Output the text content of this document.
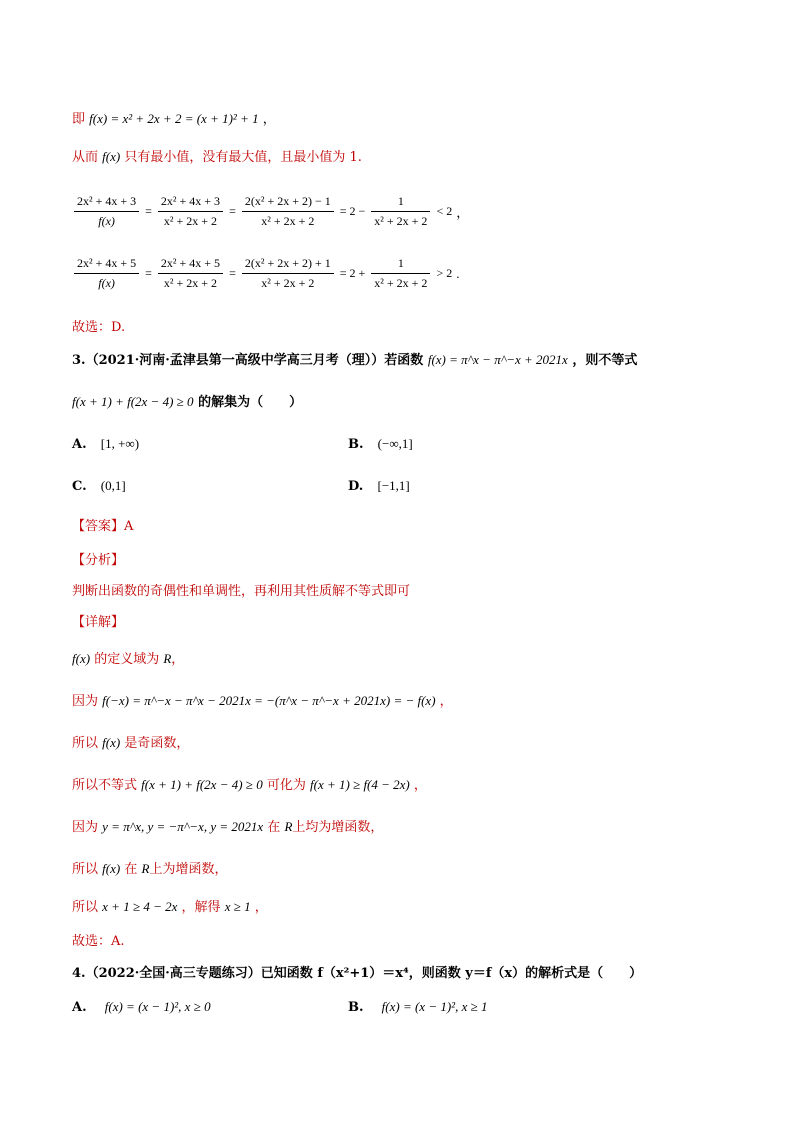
即 f(x) = x² + 2x + 2 = (x + 1)² + 1 ，
从而 f(x) 只有最小值，没有最大值，且最小值为 1.
$\frac{\text{2x² + 4x + 3}}{f(x)} = \frac{\text{2x² + 4x + 3}}{\text{x² + 2x + 2}} = \frac{\text{2(x² + 2x + 2) − 1}}{\text{x² + 2x + 2}} = 2 - \frac{1}{\text{x² + 2x + 2}} < 2$ ，
$\frac{\text{2x² + 4x + 5}}{f(x)} = \frac{\text{2x² + 4x + 5}}{\text{x² + 2x + 2}} = \frac{\text{2(x² + 2x + 2) + 1}}{\text{x² + 2x + 2}} = 2 + \frac{1}{\text{x² + 2x + 2}} > 2$ .
故选：D.
3.（2021·河南·孟津县第一高级中学高三月考（理））若函数 f(x) = π^x − π^−x + 2021x ，则不等式
f(x + 1) + f(2x − 4) ≥ 0 的解集为（　　）
A. [1, +∞)	B. (−∞,1]
C. (0,1]	D. [−1,1]
【答案】A
【分析】
判断出函数的奇偶性和单调性，再利用其性质解不等式即可
【详解】
f(x) 的定义域为 R，
因为 f(−x) = π^−x − π^x − 2021x = −(π^x − π^−x + 2021x) = − f(x) ，
所以 f(x) 是奇函数，
所以不等式 f(x + 1) + f(2x − 4) ≥ 0 可化为 f(x + 1) ≥ f(4 − 2x) ，
因为 y = π^x, y = −π^−x, y = 2021x 在 R上均为增函数，
所以 f(x) 在 R上为增函数，
所以 x + 1 ≥ 4 − 2x ，解得 x ≥ 1 ，
故选：A.
4.（2022·全国·高三专题练习）已知函数 f（x²+1）＝x⁴，则函数 y＝f（x）的解析式是（　　）
A. f(x) = (x − 1)², x ≥ 0	B. f(x) = (x − 1)², x ≥ 1
